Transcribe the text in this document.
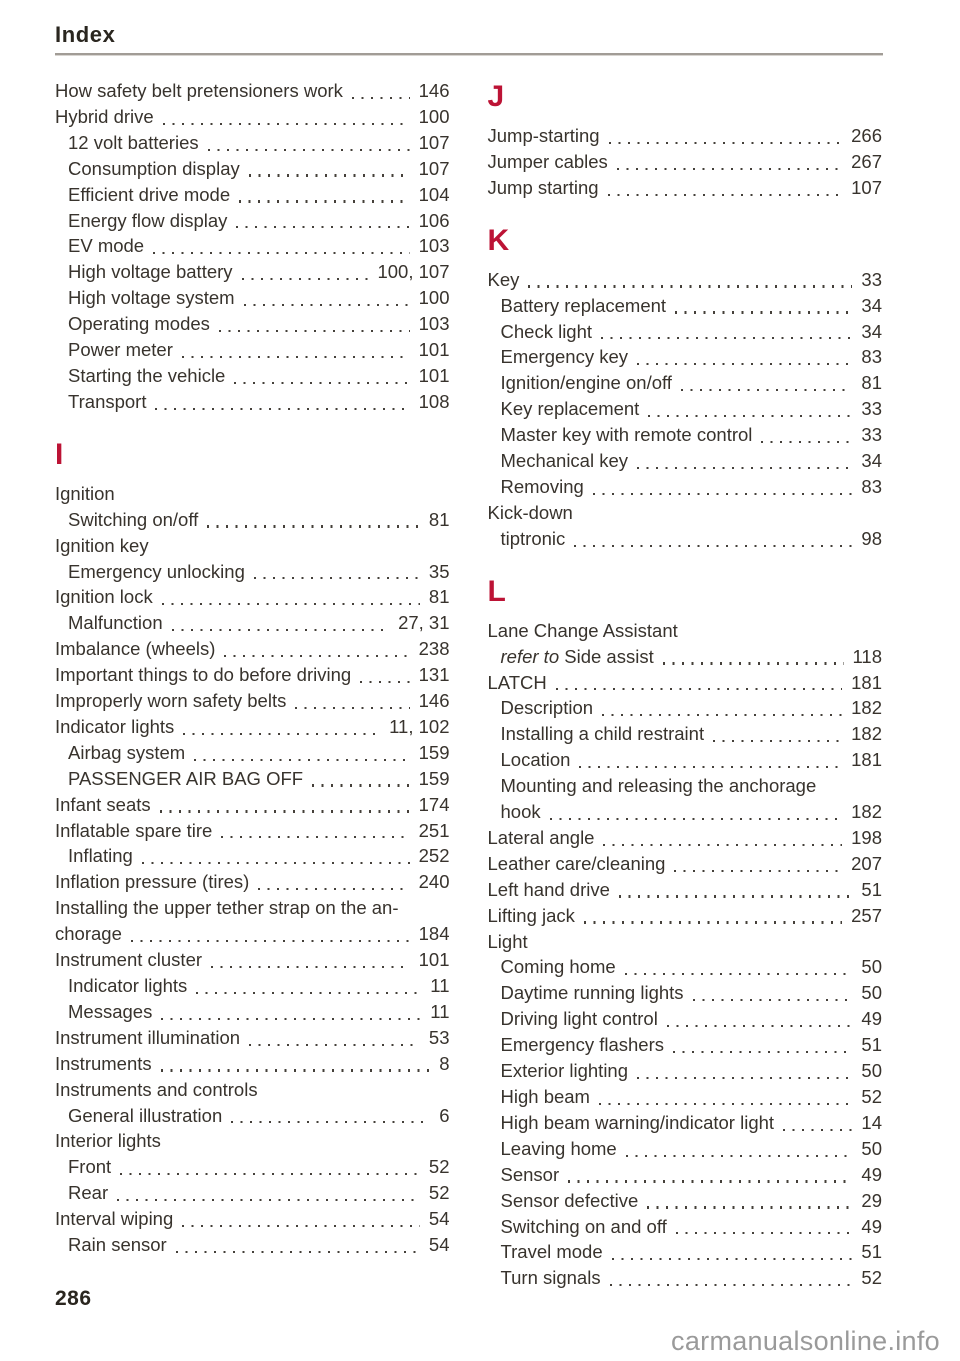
Index
How safety belt pretensioners work	146
Hybrid drive	100
12 volt batteries	107
Consumption display	107
Efficient drive mode	104
Energy flow display	106
EV mode	103
High voltage battery	100, 107
High voltage system	100
Operating modes	103
Power meter	101
Starting the vehicle	101
Transport	108
I
Ignition
Switching on/off	81
Ignition key
Emergency unlocking	35
Ignition lock	81
Malfunction	27, 31
Imbalance (wheels)	238
Important things to do before driving	131
Improperly worn safety belts	146
Indicator lights	11, 102
Airbag system	159
PASSENGER AIR BAG OFF	159
Infant seats	174
Inflatable spare tire	251
Inflating	252
Inflation pressure (tires)	240
Installing the upper tether strap on the an-
chorage	184
Instrument cluster	101
Indicator lights	11
Messages	11
Instrument illumination	53
Instruments	8
Instruments and controls
General illustration	6
Interior lights
Front	52
Rear	52
Interval wiping	54
Rain sensor	54
J
Jump-starting	266
Jumper cables	267
Jump starting	107
K
Key	33
Battery replacement	34
Check light	34
Emergency key	83
Ignition/engine on/off	81
Key replacement	33
Master key with remote control	33
Mechanical key	34
Removing	83
Kick-down
tiptronic	98
L
Lane Change Assistant
refer to Side assist	118
LATCH	181
Description	182
Installing a child restraint	182
Location	181
Mounting and releasing the anchorage
hook	182
Lateral angle	198
Leather care/cleaning	207
Left hand drive	51
Lifting jack	257
Light
Coming home	50
Daytime running lights	50
Driving light control	49
Emergency flashers	51
Exterior lighting	50
High beam	52
High beam warning/indicator light	14
Leaving home	50
Sensor	49
Sensor defective	29
Switching on and off	49
Travel mode	51
Turn signals	52
286
carmanualsonline.info
